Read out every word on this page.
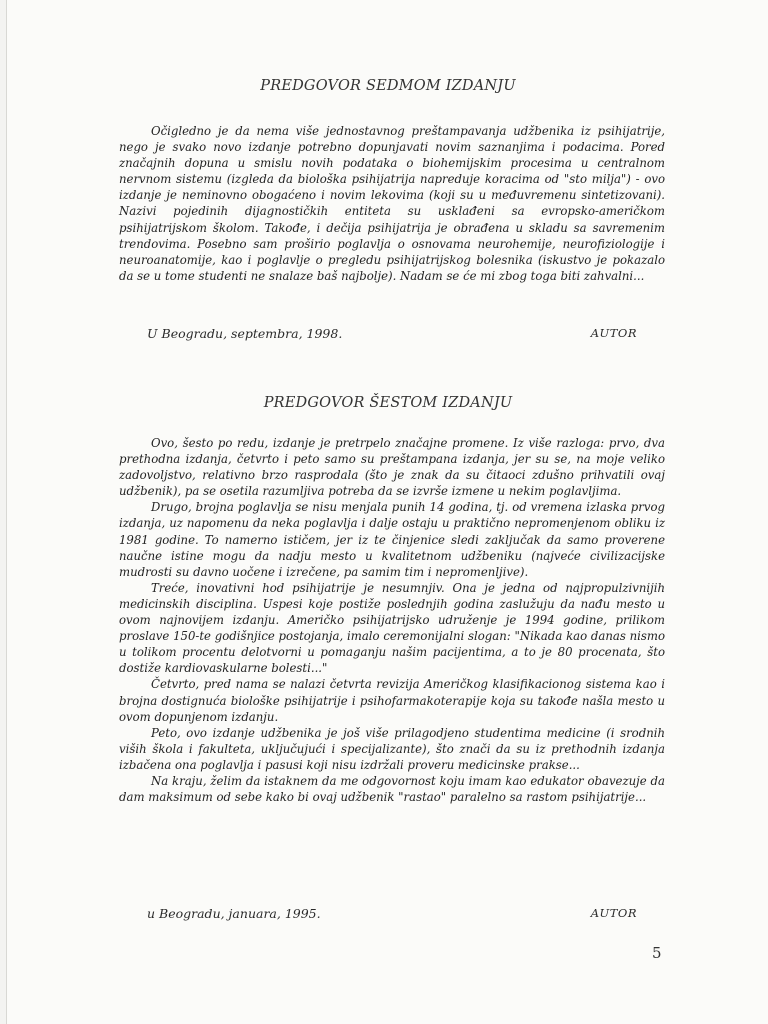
PREDGOVOR SEDMOM IZDANJU

Očigledno je da nema više jednostavnog preštampavanja udžbenika iz psihijatrije, nego je svako novo izdanje potrebno dopunjavati novim saznanjima i podacima. Pored značajnih dopuna u smislu novih podataka o biohemijskim procesima u centralnom nervnom sistemu (izgleda da biološka psihijatrija napreduje koracima od "sto milja") - ovo izdanje je neminovno obogaćeno i novim lekovima (koji su u međuvremenu sintetizovani). Nazivi pojedinih dijagnostičkih entiteta su usklađeni sa evropsko-američkom psihijatrijskom školom. Takođe, i dečija psihijatrija je obrađena u skladu sa savremenim trendovima. Posebno sam proširio poglavlja o osnovama neurohemije, neurofiziologije i neuroanatomije, kao i poglavlje o pregledu psihijatrijskog bolesnika (iskustvo je pokazalo da se u tome studenti ne snalaze baš najbolje). Nadam se će mi zbog toga biti zahvalni...

U Beogradu, septembra, 1998.	AUTOR
PREDGOVOR ŠESTOM IZDANJU

Ovo, šesto po redu, izdanje je pretrpelo značajne promene. Iz više razloga: prvo, dva prethodna izdanja, četvrto i peto samo su preštampana izdanja, jer su se, na moje veliko zadovoljstvo, relativno brzo rasprodala (što je znak da su čitaoci zdušno prihvatili ovaj udžbenik), pa se osetila razumljiva potreba da se izvrše izmene u nekim poglavljima.

Drugo, brojna poglavlja se nisu menjala punih 14 godina, tj. od vremena izlaska prvog izdanja, uz napomenu da neka poglavlja i dalje ostaju u praktično nepromenjenom obliku iz 1981 godine. To namerno ističem, jer iz te činjenice sledi zaključak da samo proverene naučne istine mogu da nadju mesto u kvalitetnom udžbeniku (najveće civilizacijske mudrosti su davno uočene i izrečene, pa samim tim i nepromenljive).

Treće, inovativni hod psihijatrije je nesumnjiv. Ona je jedna od najpropulzivnijih medicinskih disciplina. Uspesi koje postiže poslednjih godina zaslužuju da nađu mesto u ovom najnovijem izdanju. Američko psihijatrijsko udruženje je 1994 godine, prilikom proslave 150-te godišnjice postojanja, imalo ceremonijalni slogan: "Nikada kao danas nismo u tolikom procentu delotvorni u pomaganju našim pacijentima, a to je 80 procenata, što dostiže kardiovaskularne bolesti..."

Četvrto, pred nama se nalazi četvrta revizija Američkog klasifikacionog sistema kao i brojna dostignuća biološke psihijatrije i psihofarmakoterapije koja su takođe našla mesto u ovom dopunjenom izdanju.

Peto, ovo izdanje udžbenika je još više prilagodjeno studentima medicine (i srodnih viših škola i fakulteta, uključujući i specijalizante), što znači da su iz prethodnih izdanja izbačena ona poglavlja i pasusi koji nisu izdržali proveru medicinske prakse...

Na kraju, želim da istaknem da me odgovornost koju imam kao edukator obavezuje da dam maksimum od sebe kako bi ovaj udžbenik "rastao" paralelno sa rastom psihijatrije...

u Beogradu, januara, 1995.	AUTOR
5
